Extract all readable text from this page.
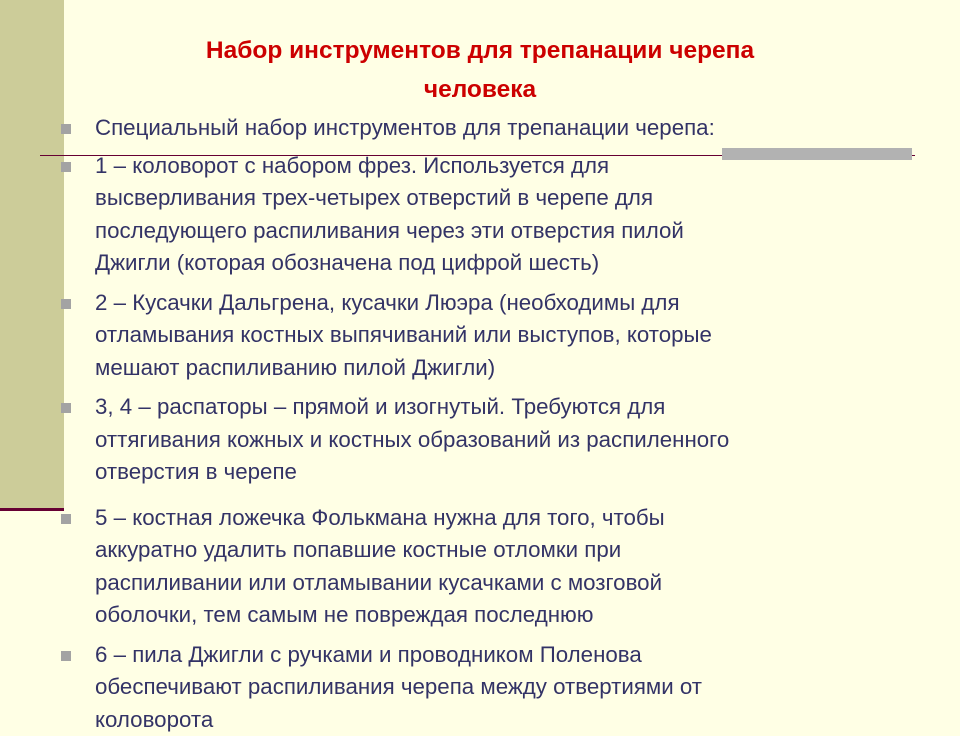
Набор инструментов для трепанации черепа
человека
Специальный набор инструментов для трепанации черепа:
1 – коловорот с набором фрез. Используется для
высверливания трех-четырех отверстий в черепе для
последующего распиливания через эти отверстия пилой
Джигли (которая обозначена под цифрой шесть)
2 – Кусачки Дальгрена, кусачки Люэра (необходимы для
отламывания костных выпячиваний или выступов, которые
мешают распиливанию пилой Джигли)
3, 4 – распаторы – прямой и изогнутый. Требуются для
оттягивания кожных и костных образований из распиленного
отверстия в черепе
5 – костная ложечка Фолькмана нужна для того, чтобы
аккуратно удалить попавшие костные отломки при
распиливании или отламывании кусачками с мозговой
оболочки, тем самым не повреждая последнюю
6 – пила Джигли с ручками и проводником Поленова
обеспечивают распиливания черепа между отвертиями от
коловорота
